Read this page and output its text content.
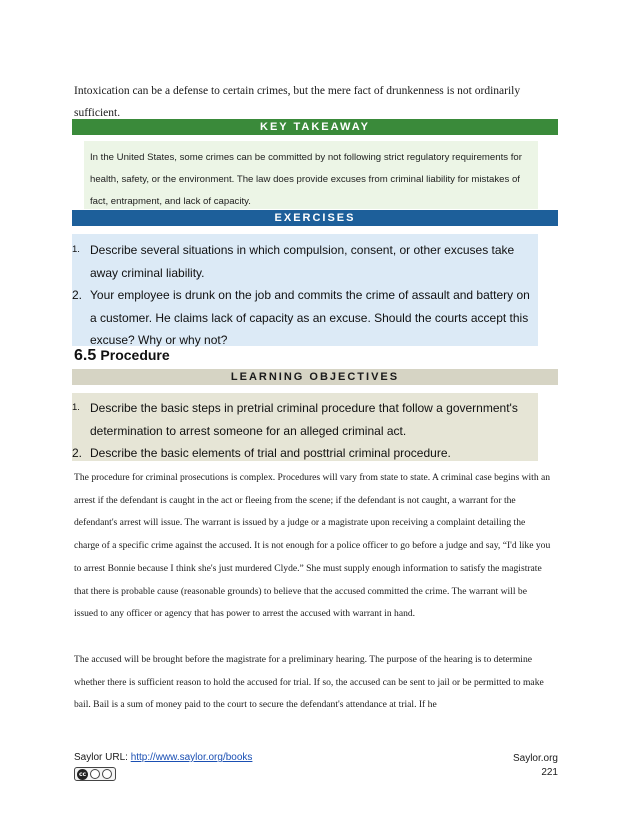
Intoxication can be a defense to certain crimes, but the mere fact of drunkenness is not ordinarily sufficient.
KEY TAKEAWAY

In the United States, some crimes can be committed by not following strict regulatory requirements for health, safety, or the environment. The law does provide excuses from criminal liability for mistakes of fact, entrapment, and lack of capacity.

EXERCISES
1. Describe several situations in which compulsion, consent, or other excuses take away criminal liability.
2. Your employee is drunk on the job and commits the crime of assault and battery on a customer. He claims lack of capacity as an excuse. Should the courts accept this excuse? Why or why not?
6.5 Procedure
LEARNING OBJECTIVES
1. Describe the basic steps in pretrial criminal procedure that follow a government's determination to arrest someone for an alleged criminal act.
2. Describe the basic elements of trial and posttrial criminal procedure.
The procedure for criminal prosecutions is complex. Procedures will vary from state to state. A criminal case begins with an arrest if the defendant is caught in the act or fleeing from the scene; if the defendant is not caught, a warrant for the defendant's arrest will issue. The warrant is issued by a judge or a magistrate upon receiving a complaint detailing the charge of a specific crime against the accused. It is not enough for a police officer to go before a judge and say, “I'd like you to arrest Bonnie because I think she's just murdered Clyde.” She must supply enough information to satisfy the magistrate that there is probable cause (reasonable grounds) to believe that the accused committed the crime. The warrant will be issued to any officer or agency that has power to arrest the accused with warrant in hand.
The accused will be brought before the magistrate for a preliminary hearing. The purpose of the hearing is to determine whether there is sufficient reason to hold the accused for trial. If so, the accused can be sent to jail or be permitted to make bail. Bail is a sum of money paid to the court to secure the defendant's attendance at trial. If he
Saylor URL: http://www.saylor.org/books
cc
Saylor.org
221
